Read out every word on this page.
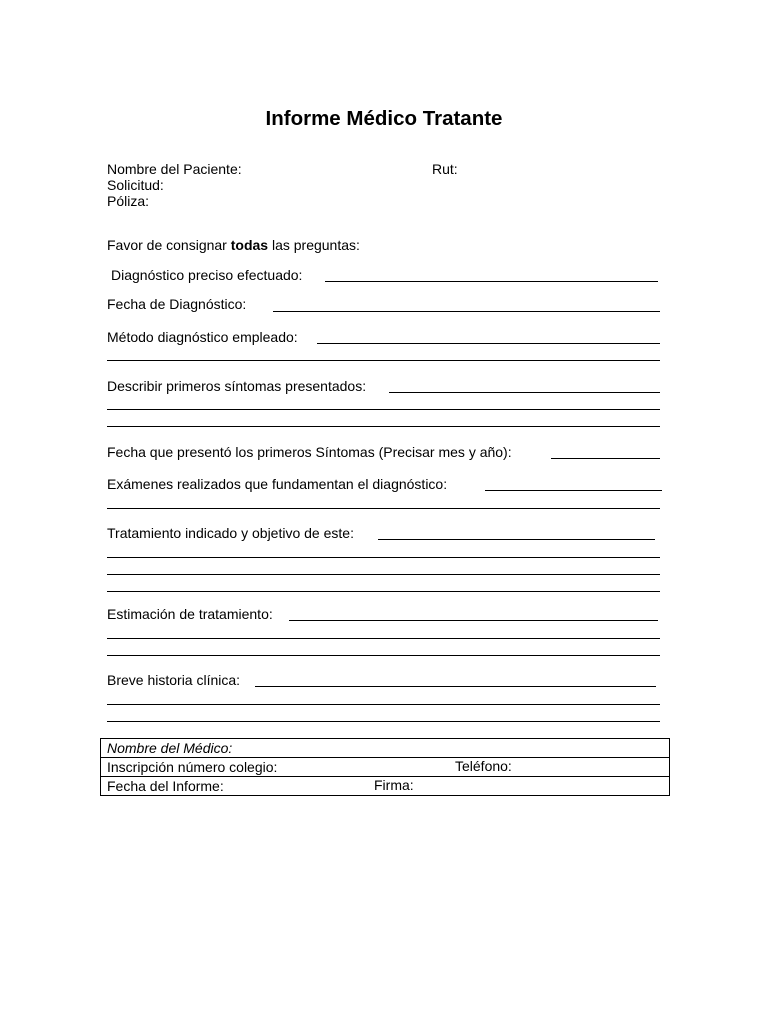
Informe Médico Tratante
Nombre del Paciente:	Rut:
Solicitud:
Póliza:
Favor de consignar todas las preguntas:
Diagnóstico preciso efectuado:
Fecha de Diagnóstico:
Método diagnóstico empleado:
Describir primeros síntomas presentados:
Fecha que presentó los primeros Síntomas (Precisar mes y año):
Exámenes realizados que fundamentan el diagnóstico:
Tratamiento indicado y objetivo de este:
Estimación de tratamiento:
Breve historia clínica:
Nombre del Médico:
Inscripción número colegio:	Teléfono:

Fecha del Informe:	Firma:
